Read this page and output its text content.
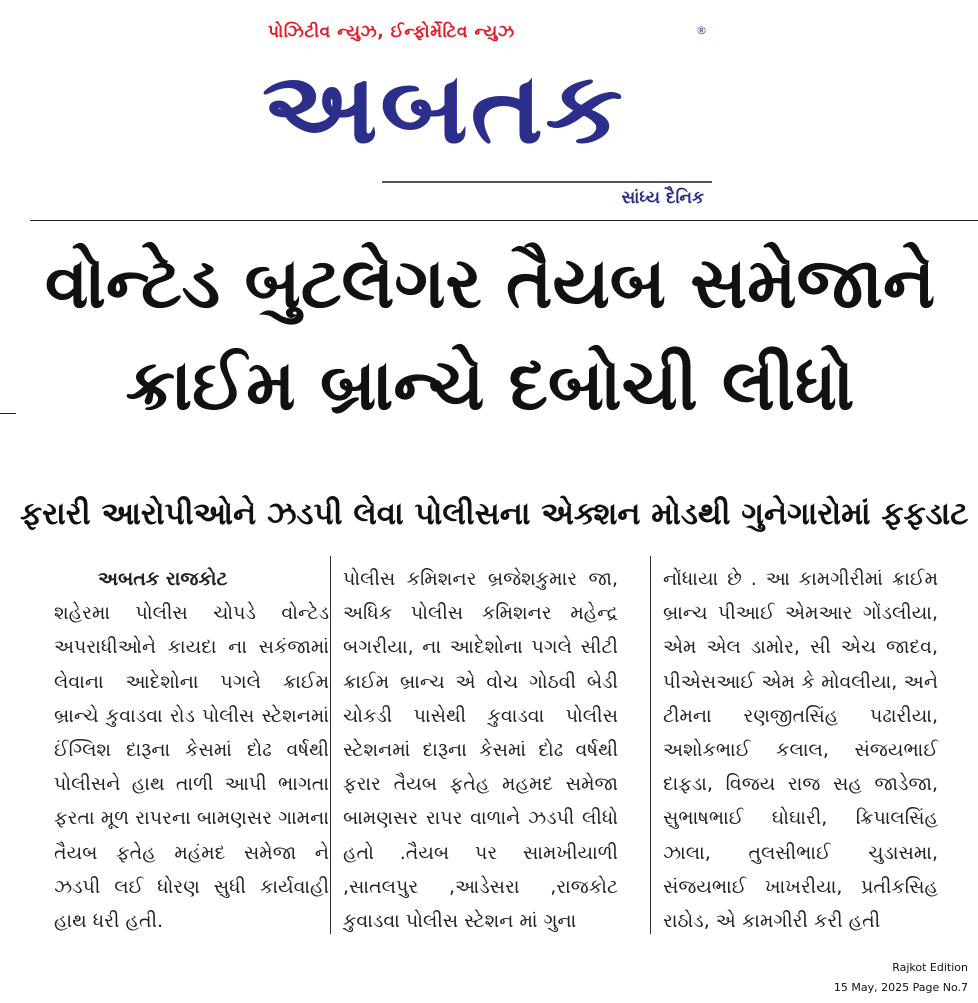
પોઝિટીવ ન્યુઝ, ઈન્ફોર્મેટિવ ન્યુઝ	®
અબતક
સાંધ્ય દૈનિક
વોન્ટેડ બુટલેગર તૈયબ સમેજાને
ક્રાઈમ બ્રાન્ચે દબોચી લીધો
ફરારી આરોપીઓને ઝડપી લેવા પોલીસના એક્શન મોડથી ગુનેગારોમાં ફફડાટ
અબતક રાજકોટ
શહેરમા પોલીસ ચોપડે વોન્ટેડ અપરાધીઓને કાયદા ના સકંજામાં લેવાના આદેશોના પગલે ક્રાઈમ બ્રાન્ચે કુવાડવા રોડ પોલીસ સ્ટેશનમાં ઈંગ્લિશ દારૂના કેસમાં દોઢ વર્ષથી પોલીસને હાથ તાળી આપી ભાગતા ફરતા મૂળ રાપરના બામણસર ગામના તૈયબ ફતેહ મહંમદ સમેજા ને ઝડપી લઈ ધોરણ સુધી કાર્યવાહી હાથ ધરી હતી.
પોલીસ કમિશનર બ્રજેશકુમાર જા, અધિક પોલીસ કમિશનર મહેન્દ્ર બગરીયા, ના આદેશોના પગલે સીટી ક્રાઈમ બ્રાન્ચ એ વોચ ગોઠવી બેડી ચોકડી પાસેથી કુવાડવા પોલીસ સ્ટેશનમાં દારૂના કેસમાં દોઢ વર્ષથી ફરાર તૈયબ ફતેહ મહમદ સમેજા બામણસર રાપર વાળાને ઝડપી લીધો હતો .તૈયબ પર સામખીયાળી ,સાતલપુર ,આડેસરા ,રાજકોટ કુવાડવા પોલીસ સ્ટેશન માં ગુના
નોંધાયા છે . આ કામગીરીમાં ક્રાઈમ બ્રાન્ચ પીઆઈ એમઆર ગોંડલીયા, એમ એલ ડામોર, સી એચ જાદવ, પીએસઆઈ એમ કે મોવલીયા, અને ટીમના રણજીતસિંહ પઢારીયા, અશોકભાઈ કલાલ, સંજયભાઈ દાફડા, વિજય રાજ સહ જાડેજા, સુભાષભાઈ ઘોઘારી, ક્રિપાલસિંહ ઝાલા, તુલસીભાઈ ચુડાસમા, સંજયભાઈ ખાખરીયા, પ્રતીકસિહ રાઠોડ, એ કામગીરી કરી હતી
Rajkot Edition
15 May, 2025 Page No.7
